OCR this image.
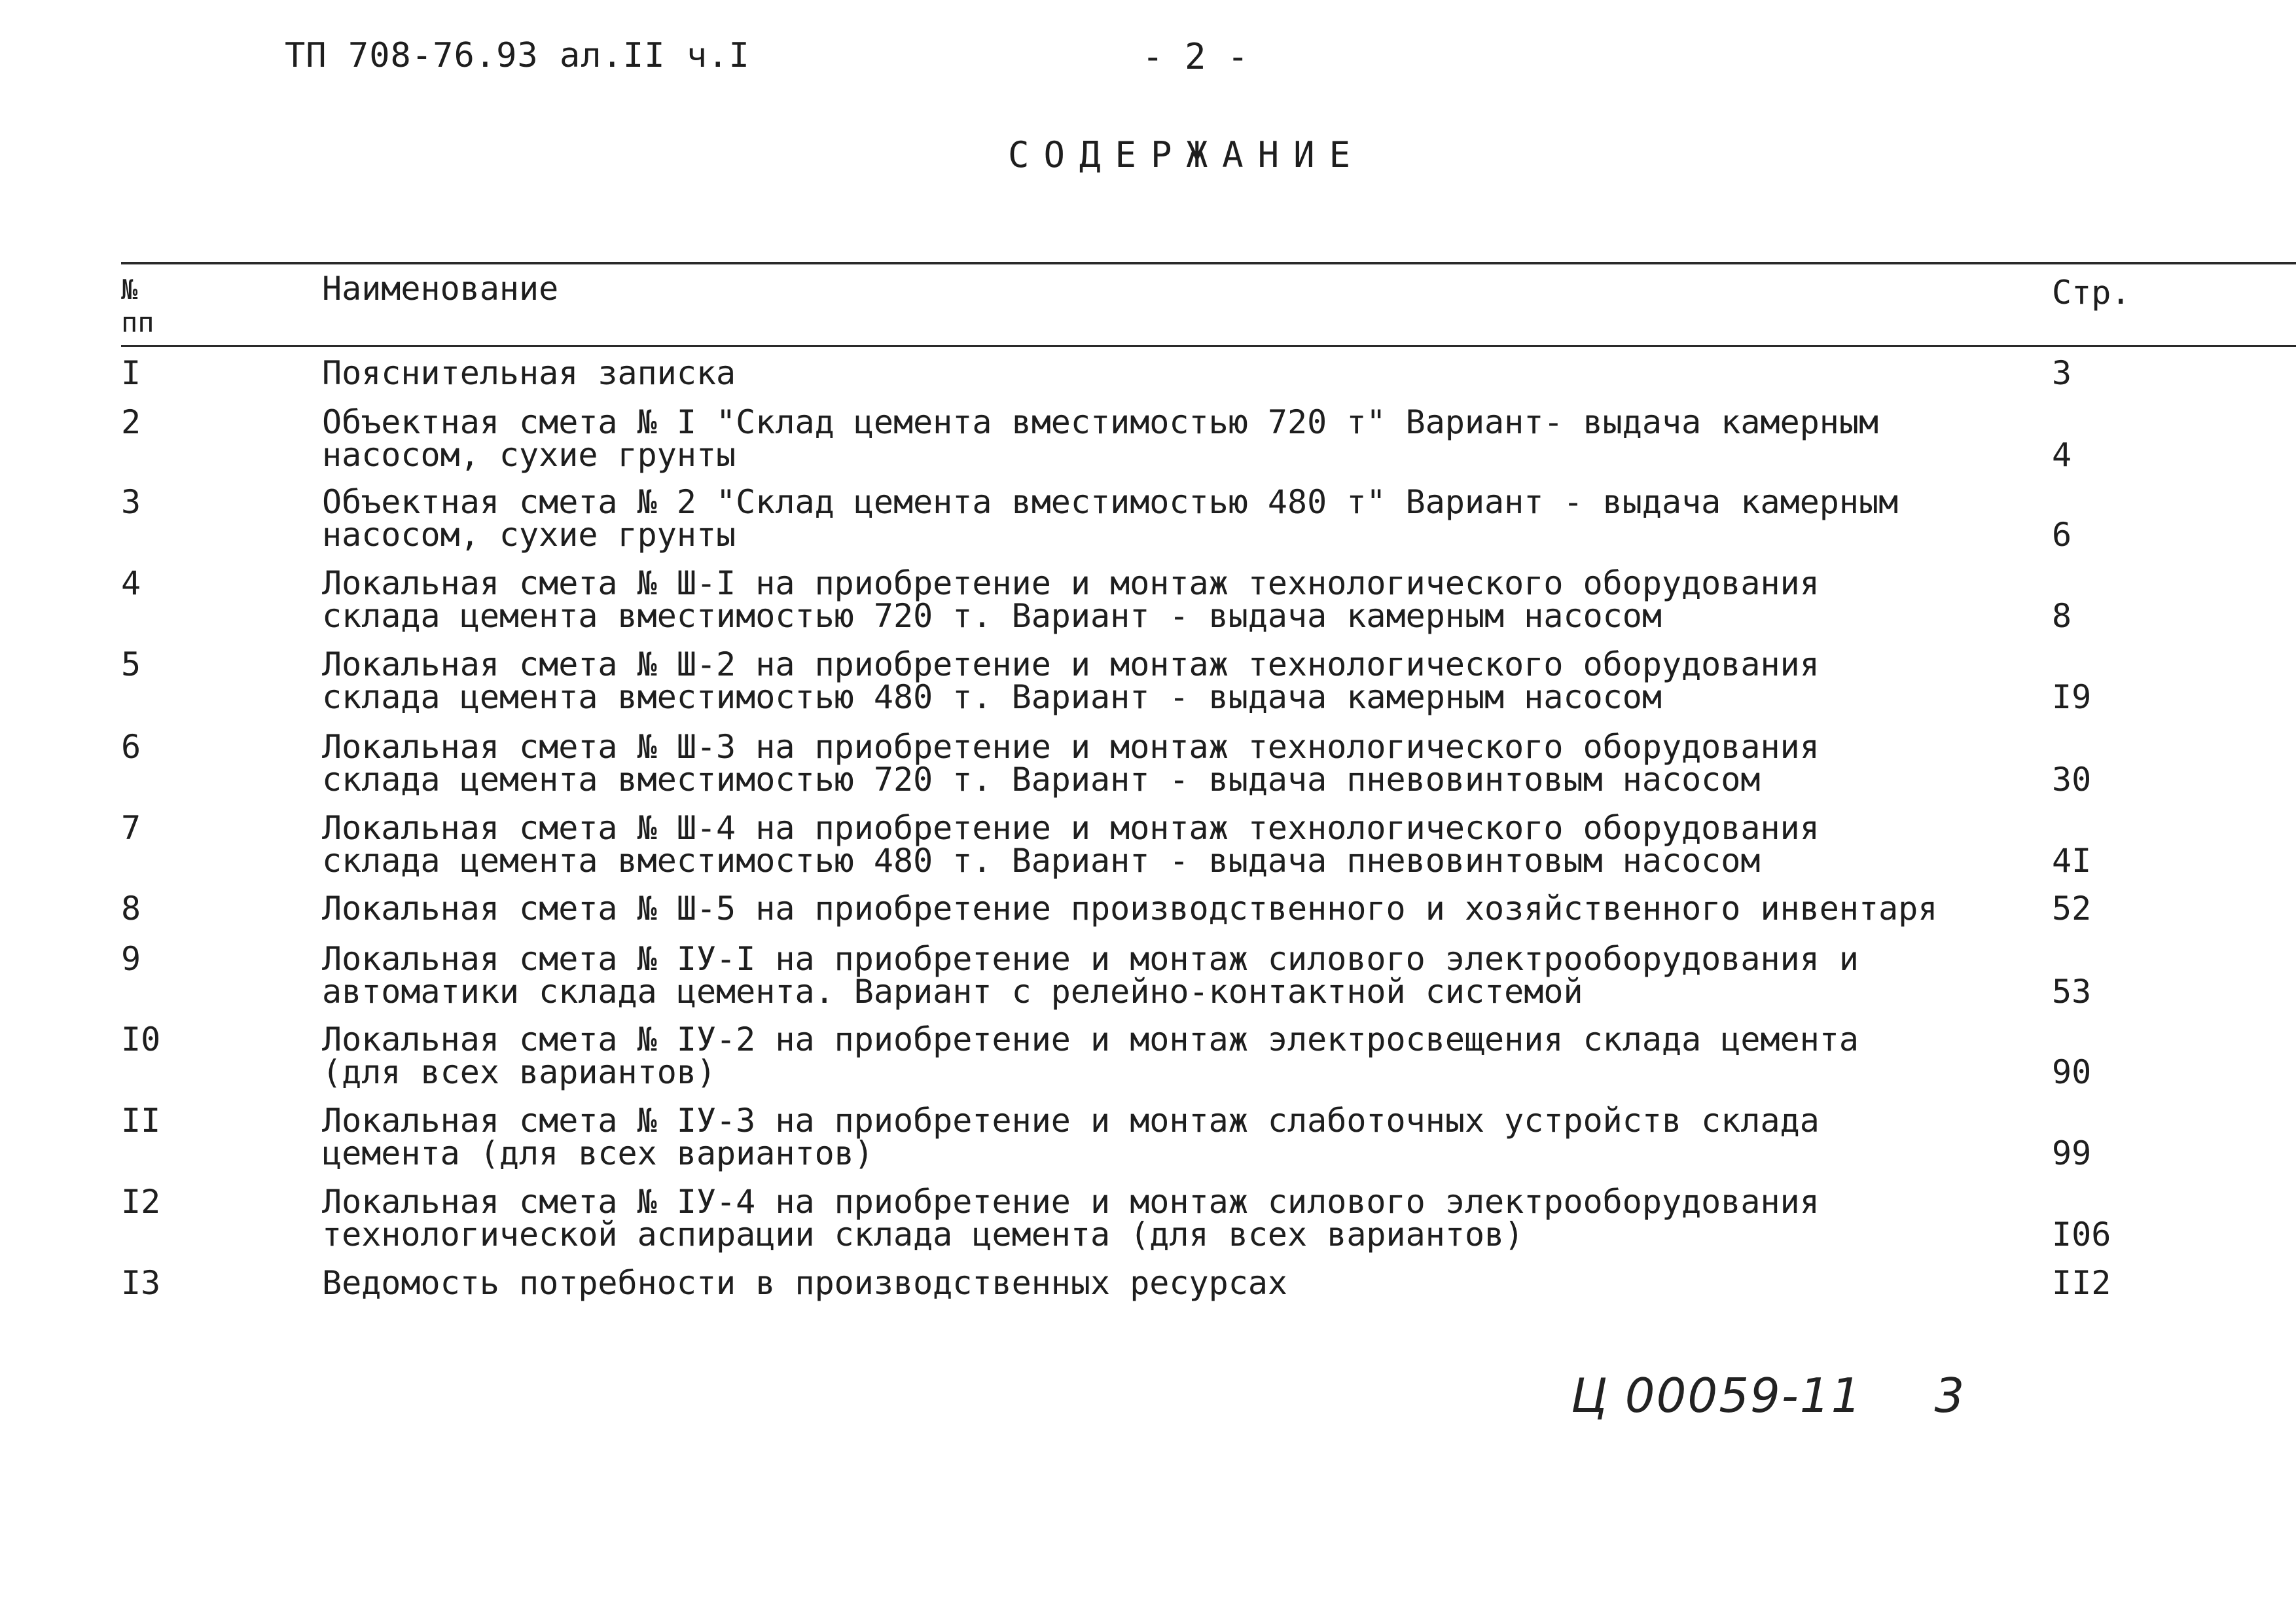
ТП 708-76.93 ал.II ч.I	- 2 -
СОДЕРЖАНИЕ
№ пп
Наименование	Стр.
I	Пояснительная записка	3
2	Объектная смета № I "Склад цемента вместимостью 720 т" Вариант- выдача камерным
насосом, сухие грунты	4
3	Объектная смета № 2 "Склад цемента вместимостью 480 т" Вариант - выдача камерным
насосом, сухие грунты	6
4	Локальная смета № Ш-I на приобретение и монтаж технологического оборудования
склада цемента вместимостью 720 т. Вариант - выдача камерным насосом	8
5	Локальная смета № Ш-2 на приобретение и монтаж технологического оборудования
склада цемента вместимостью 480 т. Вариант - выдача камерным насосом	I9
6	Локальная смета № Ш-3 на приобретение и монтаж технологического оборудования
склада цемента вместимостью 720 т. Вариант - выдача пневовинтовым насосом	30
7	Локальная смета № Ш-4 на приобретение и монтаж технологического оборудования
склада цемента вместимостью 480 т. Вариант - выдача пневовинтовым насосом	4I
8	Локальная смета № Ш-5 на приобретение производственного и хозяйственного инвентаря	52
9	Локальная смета № IУ-I на приобретение и монтаж силового электрооборудования и
автоматики склада цемента. Вариант с релейно-контактной системой	53
I0	Локальная смета № IУ-2 на приобретение и монтаж электросвещения склада цемента
(для всех вариантов)	90
II	Локальная смета № IУ-3 на приобретение и монтаж слаботочных устройств склада
цемента (для всех вариантов)	99
I2	Локальная смета № IУ-4 на приобретение и монтаж силового электрооборудования
технологической аспирации склада цемента (для всех вариантов)	I06
I3	Ведомость потребности в производственных ресурсах	II2
Ц 00059-11 3
